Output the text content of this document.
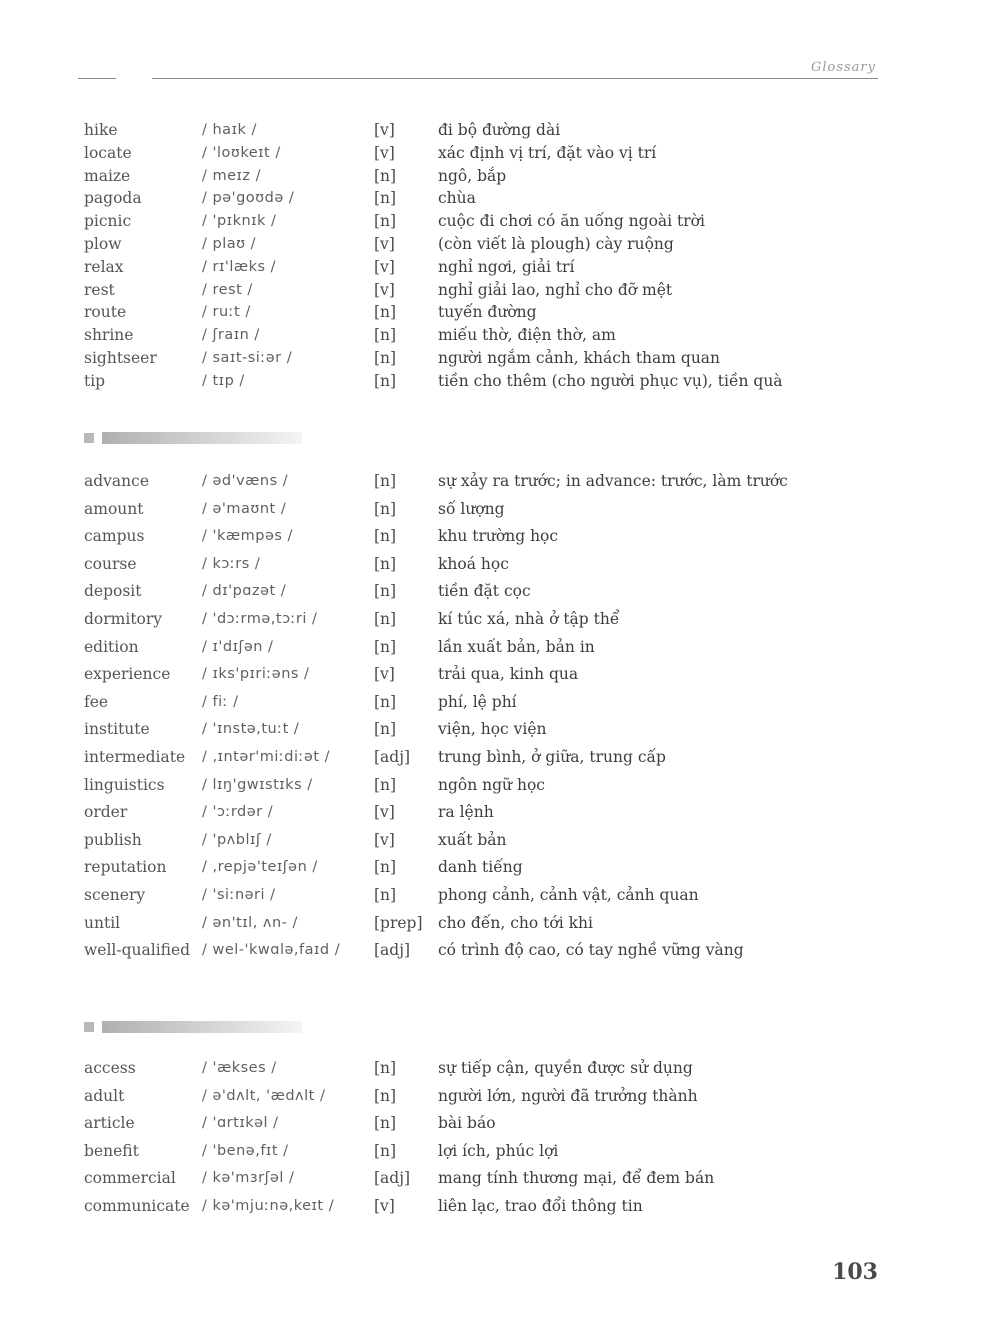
Glossary
hike	/ haɪk /	[v]	đi bộ đường dài
locate	/ 'loʊkeɪt /	[v]	xác định vị trí, đặt vào vị trí
maize	/ meɪz /	[n]	ngô, bắp
pagoda	/ pə'goʊdə /	[n]	chùa
picnic	/ 'pɪknɪk /	[n]	cuộc đi chơi có ăn uống ngoài trời
plow	/ plaʊ /	[v]	(còn viết là plough) cày ruộng
relax	/ rɪ'læks /	[v]	nghỉ ngơi, giải trí
rest	/ rest /	[v]	nghỉ giải lao, nghỉ cho đỡ mệt
route	/ ruːt /	[n]	tuyến đường
shrine	/ ʃraɪn /	[n]	miếu thờ, điện thờ, am
sightseer	/ saɪt-siːər /	[n]	người ngắm cảnh, khách tham quan
tip	/ tɪp /	[n]	tiền cho thêm (cho người phục vụ), tiền quà
advance	/ əd'væns /	[n]	sự xảy ra trước; in advance: trước, làm trước
amount	/ ə'maʊnt /	[n]	số lượng
campus	/ 'kæmpəs /	[n]	khu trường học
course	/ kɔːrs /	[n]	khoá học
deposit	/ dɪ'pɑzət /	[n]	tiền đặt cọc
dormitory	/ 'dɔːrmə,tɔːri /	[n]	kí túc xá, nhà ở tập thể
edition	/ ɪ'dɪʃən /	[n]	lần xuất bản, bản in
experience / ɪks'pɪriːəns /	[v]	trải qua, kinh qua
fee	/ fiː /	[n]	phí, lệ phí
institute	/ 'ɪnstə,tuːt /	[n]	viện, học viện
intermediate / ,ɪntər'miːdiːət /	[adj] trung bình, ở giữa, trung cấp
linguistics	/ lɪŋ'gwɪstɪks /	[n]	ngôn ngữ học
order	/ 'ɔːrdər /	[v]	ra lệnh
publish	/ 'pʌblɪʃ /	[v]	xuất bản
reputation / ,repjə'teɪʃən /	[n]	danh tiếng
scenery	/ 'siːnəri /	[n]	phong cảnh, cảnh vật, cảnh quan
until	/ ən'tɪl, ʌn- /	[prep] cho đến, cho tới khi
well-qualified / wel-'kwɑlə,faɪd / [adj] có trình độ cao, có tay nghề vững vàng
access	/ 'ækses /	[n]	sự tiếp cận, quyền được sử dụng
adult	/ ə'dʌlt, 'ædʌlt /	[n]	người lớn, người đã trưởng thành
article	/ 'ɑrtɪkəl /	[n]	bài báo
benefit	/ 'benə,fɪt /	[n]	lợi ích, phúc lợi
commercial / kə'mɜrʃəl /	[adj] mang tính thương mại, để đem bán
communicate / kə'mjuːnə,keɪt /	[v]	liên lạc, trao đổi thông tin
103
